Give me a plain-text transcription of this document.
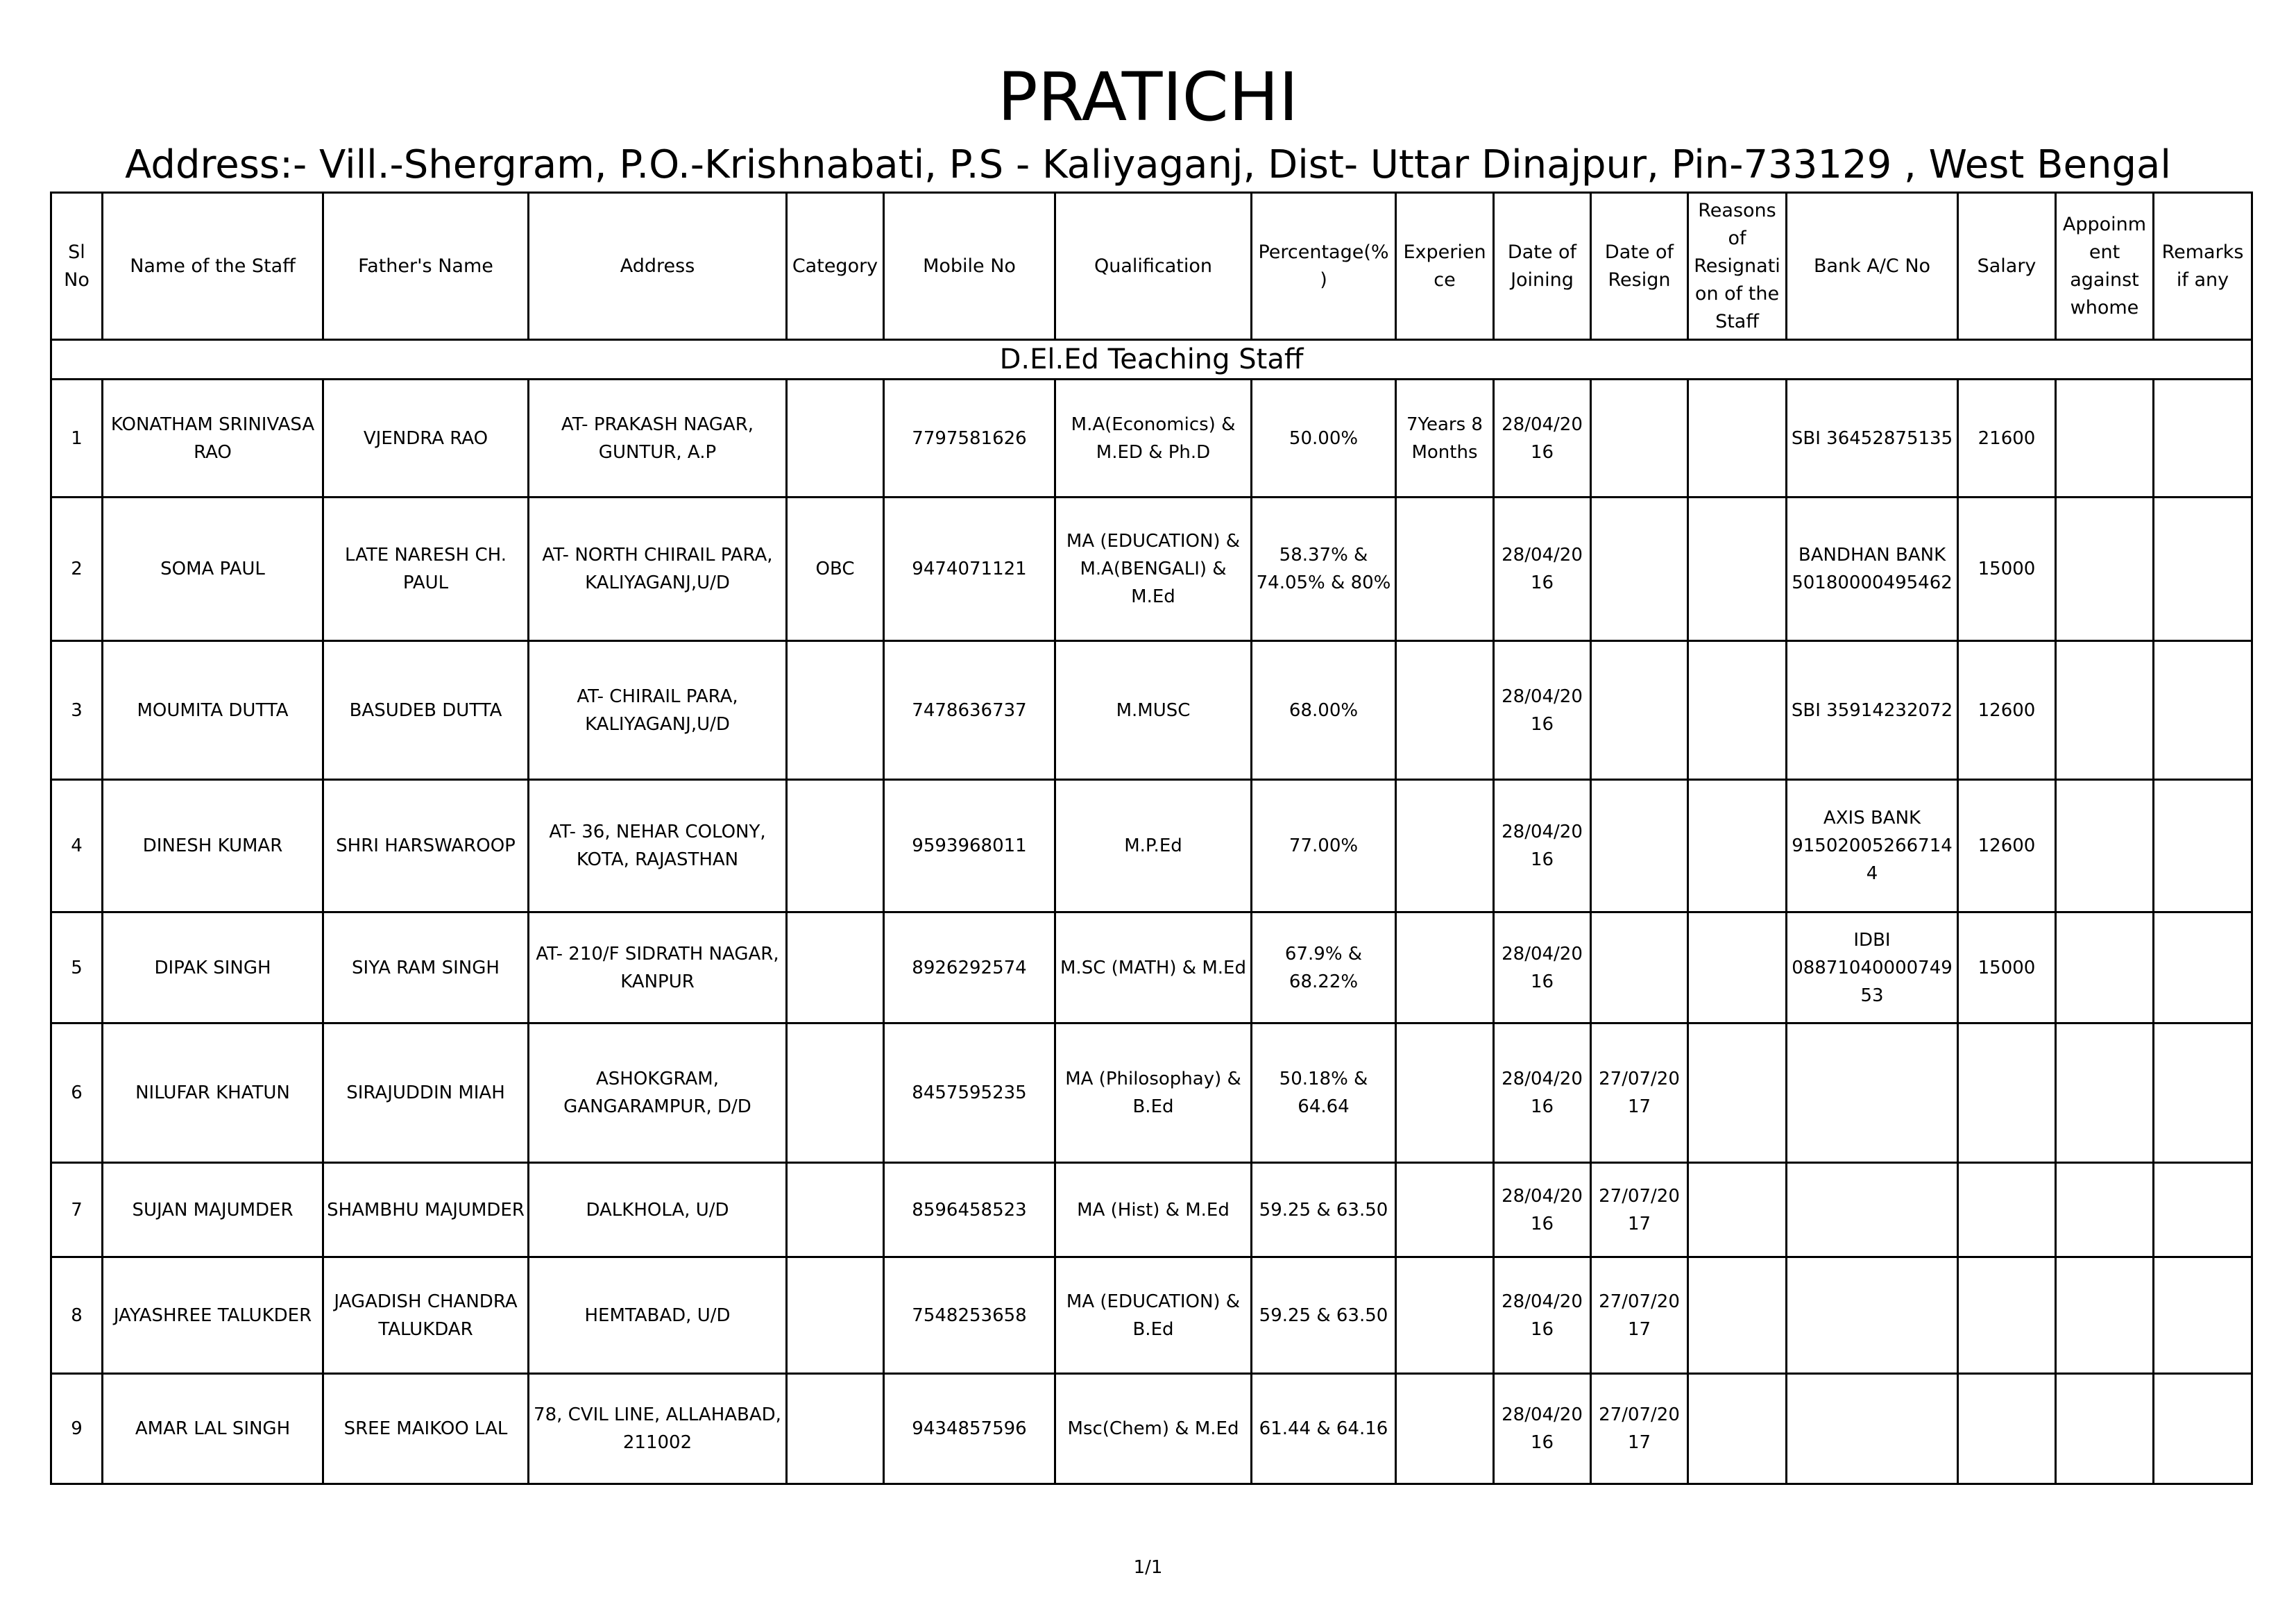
PRATICHI
Address:- Vill.-Shergram, P.O.-Krishnabati, P.S - Kaliyaganj, Dist- Uttar Dinajpur, Pin-733129 , West Bengal
Sl No	Name of the Staff	Father's Name	Address	Category	Mobile No	Qualification	Percentage(%)	Experience	Date of Joining	Date of Resign	Reasons of Resignation of the Staff	Bank A/C No	Salary	Appoinment against whome	Remarks if any
D.El.Ed Teaching Staff															
1	KONATHAM SRINIVASA RAO	VJENDRA RAO	AT- PRAKASH NAGAR, GUNTUR, A.P		7797581626	M.A(Economics) & M.ED & Ph.D	50.00%	7Years 8 Months	28/04/2016			SBI 36452875135	21600		
2	SOMA PAUL	LATE NARESH CH. PAUL	AT- NORTH CHIRAIL PARA, KALIYAGANJ,U/D	OBC	9474071121	MA (EDUCATION) & M.A(BENGALI) & M.Ed	58.37% & 74.05% & 80%		28/04/2016			BANDHAN BANK 50180000495462	15000		
3	MOUMITA DUTTA	BASUDEB DUTTA	AT- CHIRAIL PARA, KALIYAGANJ,U/D		7478636737	M.MUSC	68.00%		28/04/2016			SBI 35914232072	12600		
4	DINESH KUMAR	SHRI HARSWAROOP	AT- 36, NEHAR COLONY, KOTA, RAJASTHAN		9593968011	M.P.Ed	77.00%		28/04/2016			AXIS BANK 915020052667144	12600		
5	DIPAK SINGH	SIYA RAM SINGH	AT- 210/F SIDRATH NAGAR, KANPUR		8926292574	M.SC (MATH) & M.Ed	67.9% & 68.22%		28/04/2016			IDBI 0887104000074953	15000		
6	NILUFAR KHATUN	SIRAJUDDIN MIAH	ASHOKGRAM, GANGARAMPUR, D/D		8457595235	MA (Philosophay) & B.Ed	50.18% & 64.64		28/04/2016	27/07/2017					
7	SUJAN MAJUMDER	SHAMBHU MAJUMDER	DALKHOLA, U/D		8596458523	MA (Hist) & M.Ed	59.25 & 63.50		28/04/2016	27/07/2017					
8	JAYASHREE TALUKDER	JAGADISH CHANDRA TALUKDAR	HEMTABAD, U/D		7548253658	MA (EDUCATION) & B.Ed	59.25 & 63.50		28/04/2016	27/07/2017					
9	AMAR LAL SINGH	SREE MAIKOO LAL	78, CVIL LINE, ALLAHABAD, 211002		9434857596	Msc(Chem) & M.Ed	61.44 & 64.16		28/04/2016	27/07/2017					
1/1
